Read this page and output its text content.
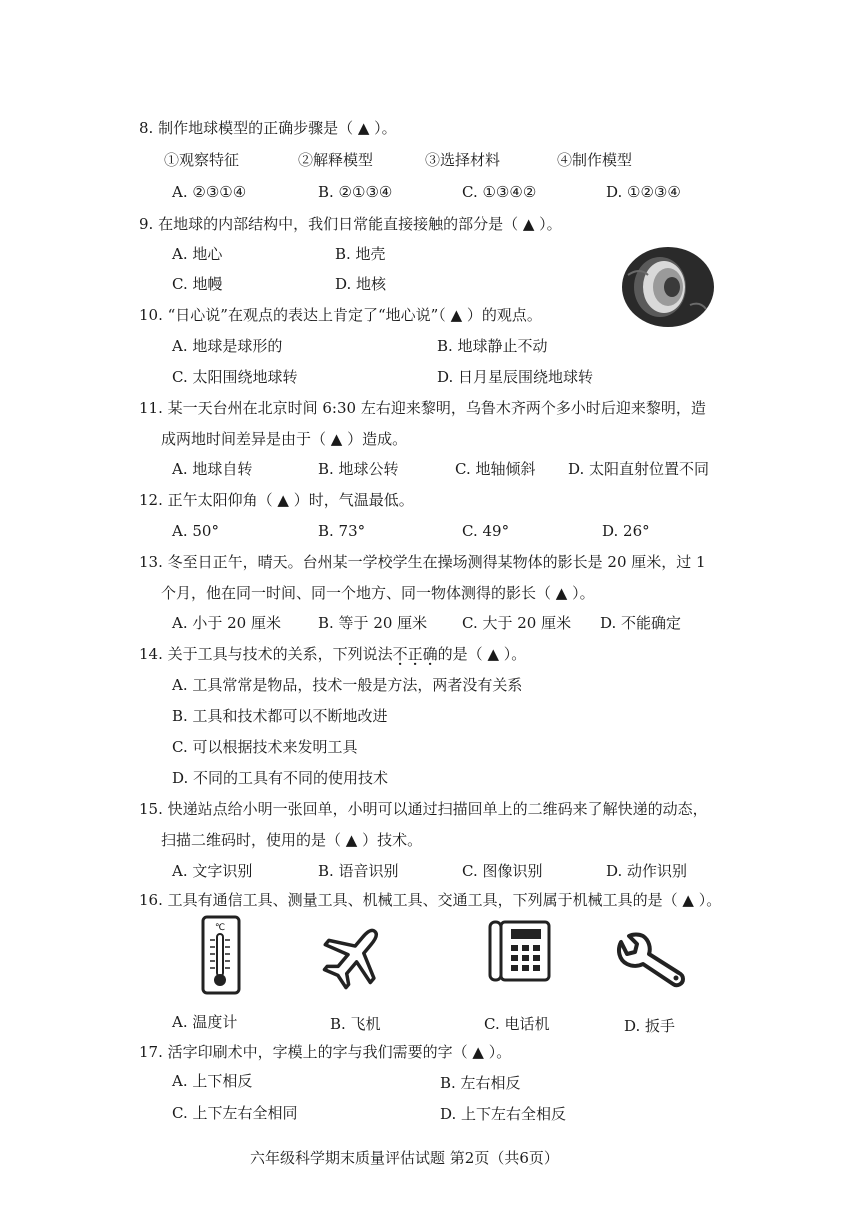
8. 制作地球模型的正确步骤是（ ▲ ）。
①观察特征	②解释模型	③选择材料	④制作模型
A. ②③①④	B. ②①③④	C. ①③④②	D. ①②③④
9. 在地球的内部结构中，我们日常能直接接触的部分是（ ▲ ）。
A. 地心	B. 地壳
C. 地幔	D. 地核
10. “日心说”在观点的表达上肯定了“地心说”（ ▲ ）的观点。
A. 地球是球形的	B. 地球静止不动
C. 太阳围绕地球转	D. 日月星辰围绕地球转
11. 某一天台州在北京时间 6:30 左右迎来黎明，乌鲁木齐两个多小时后迎来黎明，造
成两地时间差异是由于（ ▲ ）造成。
A. 地球自转	B. 地球公转	C. 地轴倾斜 D. 太阳直射位置不同
12. 正午太阳仰角（ ▲ ）时，气温最低。
A. 50°	B. 73°	C. 49°	D. 26°
13. 冬至日正午，晴天。台州某一学校学生在操场测得某物体的影长是 20 厘米，过 1
个月，他在同一时间、同一个地方、同一物体测得的影长（ ▲ ）。
A. 小于 20 厘米 B. 等于 20 厘米 C. 大于 20 厘米 D. 不能确定
14. 关于工具与技术的关系，下列说法不正确的是（ ▲ ）。
A. 工具常常是物品，技术一般是方法，两者没有关系
B. 工具和技术都可以不断地改进
C. 可以根据技术来发明工具
D. 不同的工具有不同的使用技术
15. 快递站点给小明一张回单，小明可以通过扫描回单上的二维码来了解快递的动态，
扫描二维码时，使用的是（ ▲ ）技术。
A. 文字识别	B. 语音识别	C. 图像识别	D. 动作识别
16. 工具有通信工具、测量工具、机械工具、交通工具，下列属于机械工具的是（ ▲ ）。
℃
A. 温度计	B. 飞机	C. 电话机	D. 扳手
17. 活字印刷术中，字模上的字与我们需要的字（ ▲ ）。
A. 上下相反	B. 左右相反
C. 上下左右全相同	D. 上下左右全相反
六年级科学期末质量评估试题 第2页（共6页）
